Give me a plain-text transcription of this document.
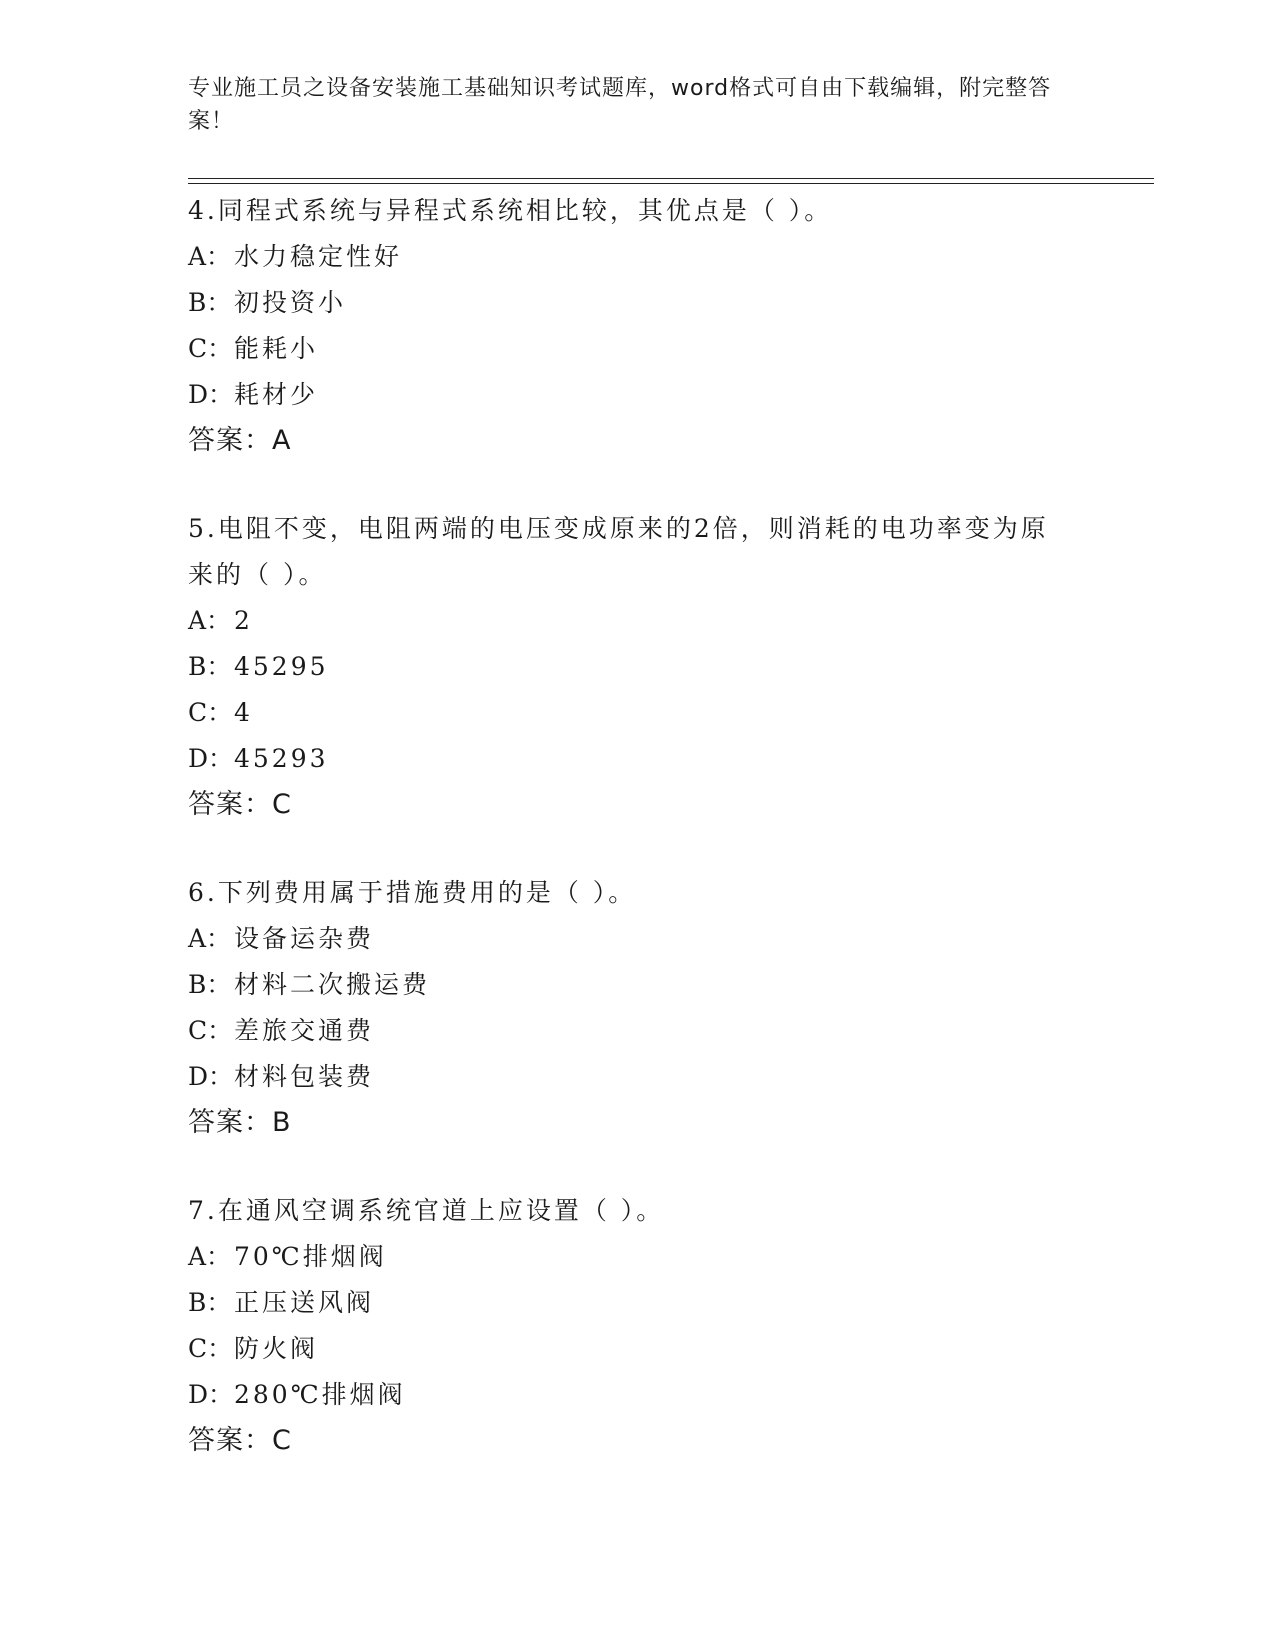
专业施工员之设备安装施工基础知识考试题库，word格式可自由下载编辑，附完整答案！
4.同程式系统与异程式系统相比较，其优点是（ ）。
A： 水力稳定性好
B： 初投资小
C：能耗小
D：耗材少
答案：A
5.电阻不变，电阻两端的电压变成原来的2倍，则消耗的电功率变为原来的（ ）。
A： 2
B： 45295
C：4
D：45293
答案：C
6.下列费用属于措施费用的是（ ）。
A： 设备运杂费
B： 材料二次搬运费
C：差旅交通费
D：材料包装费
答案：B
7.在通风空调系统官道上应设置（ ）。
A： 70℃排烟阀
B： 正压送风阀
C：防火阀
D：280℃排烟阀
答案：C
